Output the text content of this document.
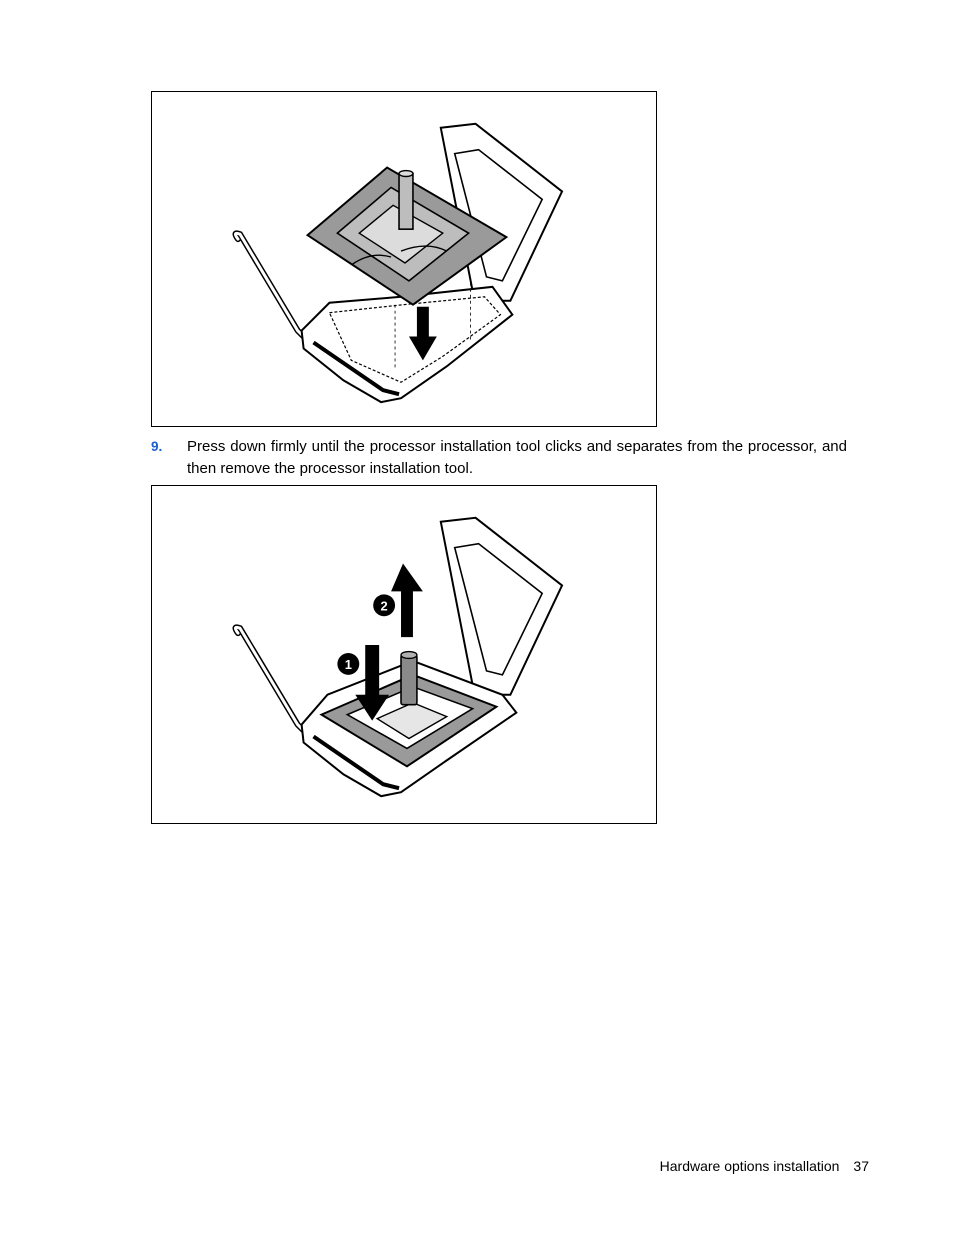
9. Press down firmly until the processor installation tool clicks and separates from the processor, and then remove the processor installation tool.
1
2
Hardware options installation 37
